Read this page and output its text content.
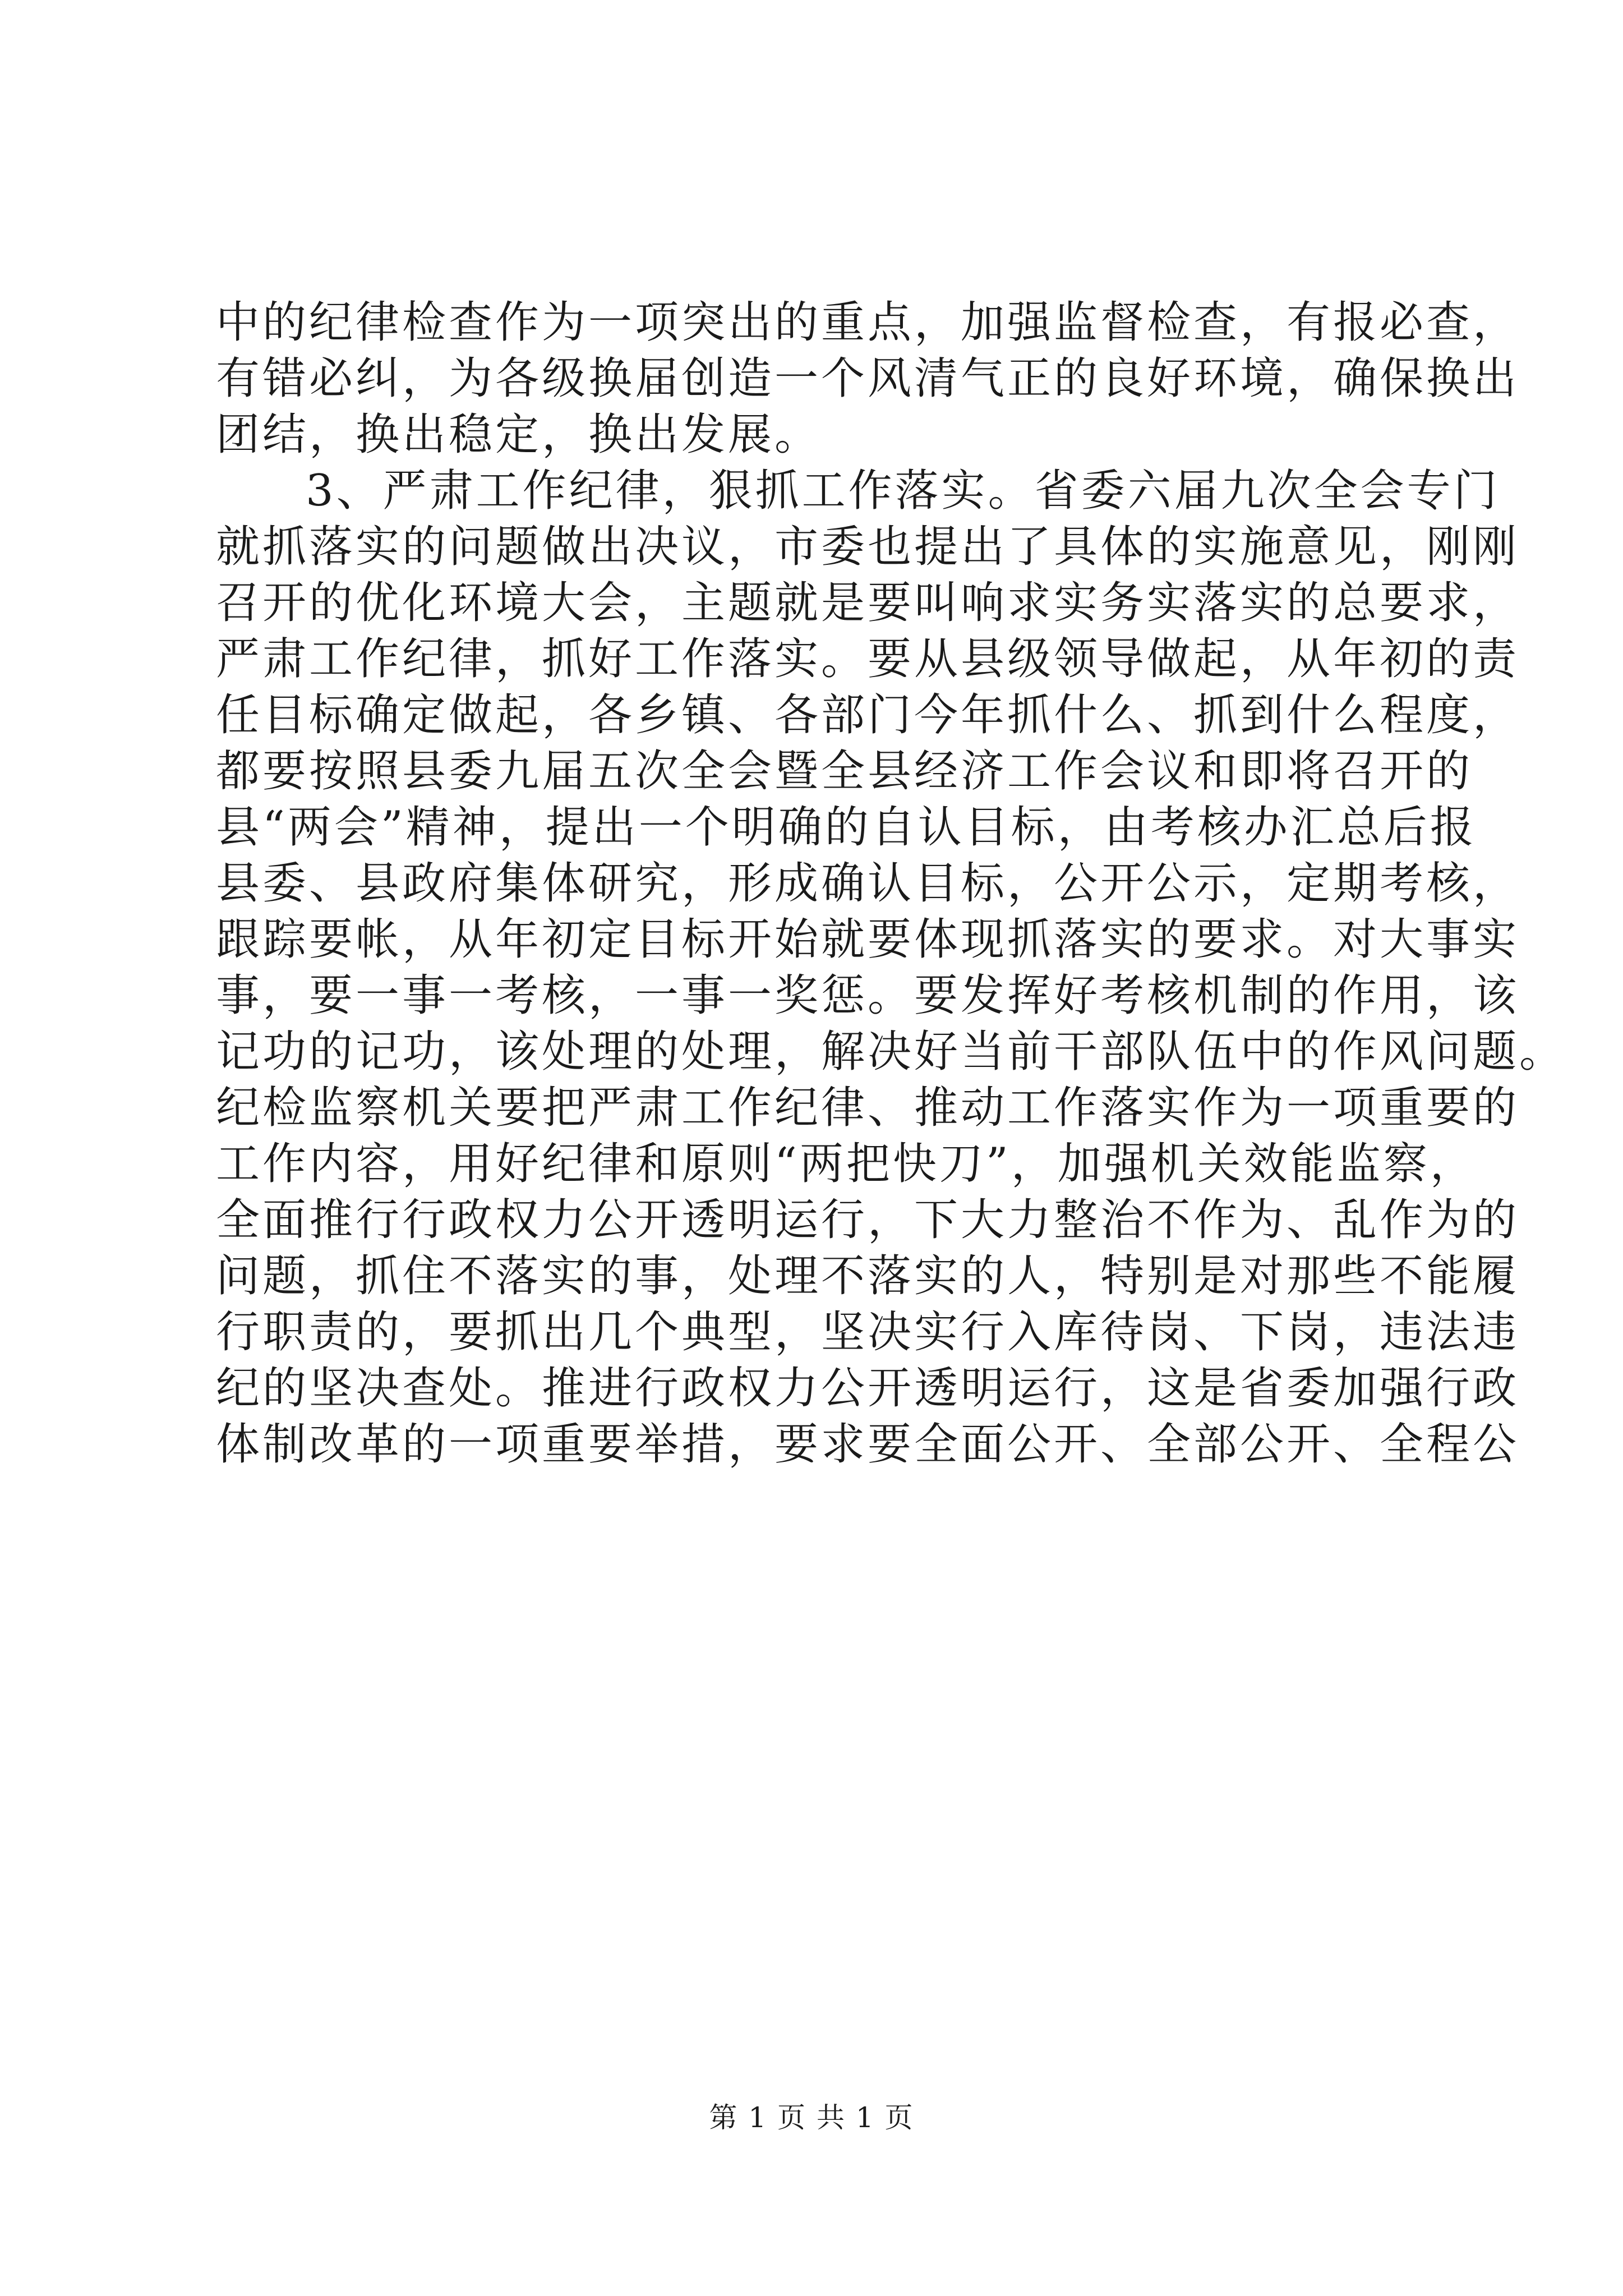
中的纪律检查作为一项突出的重点，加强监督检查，有报必查，
有错必纠，为各级换届创造一个风清气正的良好环境，确保换出
团结，换出稳定，换出发展。
3、严肃工作纪律，狠抓工作落实。省委六届九次全会专门
就抓落实的问题做出决议，市委也提出了具体的实施意见，刚刚
召开的优化环境大会，主题就是要叫响求实务实落实的总要求，
严肃工作纪律，抓好工作落实。要从县级领导做起，从年初的责
任目标确定做起，各乡镇、各部门今年抓什么、抓到什么程度，
都要按照县委九届五次全会暨全县经济工作会议和即将召开的
县“两会”精神，提出一个明确的自认目标，由考核办汇总后报
县委、县政府集体研究，形成确认目标，公开公示，定期考核，
跟踪要帐，从年初定目标开始就要体现抓落实的要求。对大事实
事，要一事一考核，一事一奖惩。要发挥好考核机制的作用，该
记功的记功，该处理的处理，解决好当前干部队伍中的作风问题。
纪检监察机关要把严肃工作纪律、推动工作落实作为一项重要的
工作内容，用好纪律和原则“两把快刀”，加强机关效能监察，
全面推行行政权力公开透明运行，下大力整治不作为、乱作为的
问题，抓住不落实的事，处理不落实的人，特别是对那些不能履
行职责的，要抓出几个典型，坚决实行入库待岗、下岗，违法违
纪的坚决查处。推进行政权力公开透明运行，这是省委加强行政
体制改革的一项重要举措，要求要全面公开、全部公开、全程公
第 1 页 共 1 页
